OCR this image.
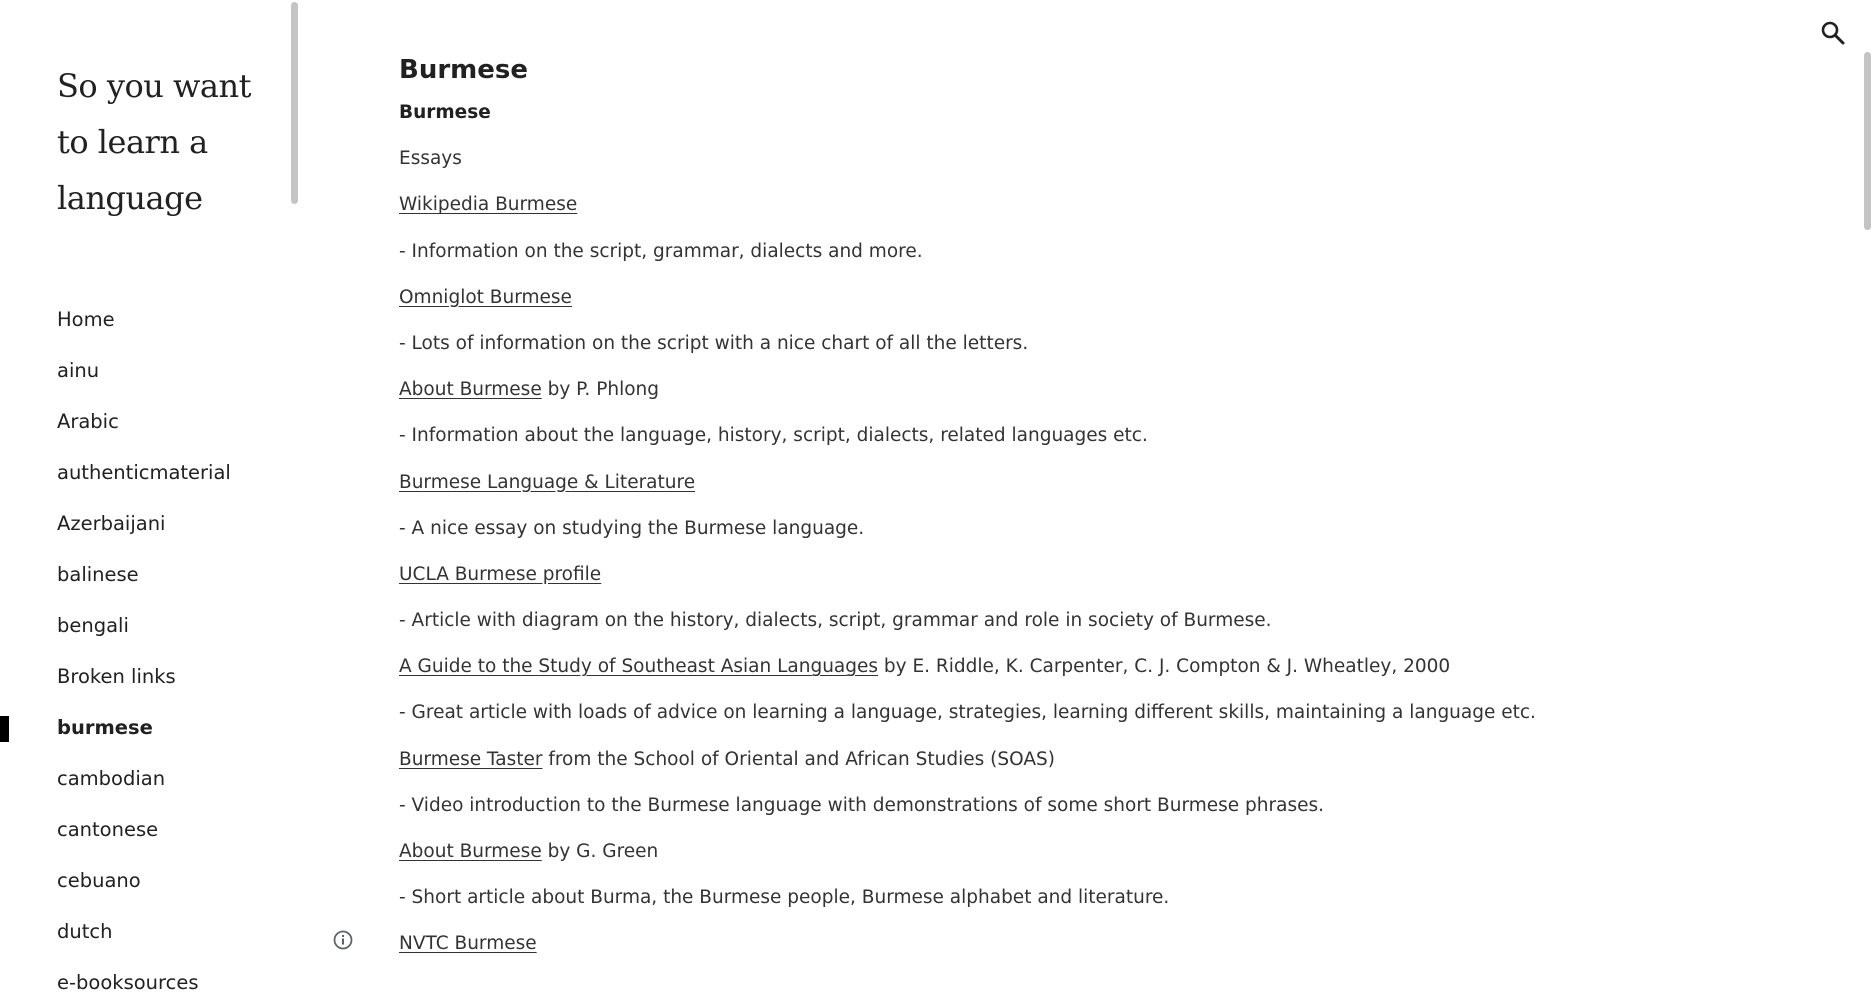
So you want to learn a language
Home
ainu
Arabic
authenticmaterial
Azerbaijani
balinese
bengali
Broken links
burmese
cambodian
cantonese
cebuano
dutch
e-booksources
Burmese

Burmese

Essays

Wikipedia Burmese

- Information on the script, grammar, dialects and more.

Omniglot Burmese

- Lots of information on the script with a nice chart of all the letters.

About Burmese by P. Phlong

- Information about the language, history, script, dialects, related languages etc.

Burmese Language & Literature

- A nice essay on studying the Burmese language.

UCLA Burmese profile

- Article with diagram on the history, dialects, script, grammar and role in society of Burmese.

A Guide to the Study of Southeast Asian Languages by E. Riddle, K. Carpenter, C. J. Compton & J. Wheatley, 2000

- Great article with loads of advice on learning a language, strategies, learning different skills, maintaining a language etc.

Burmese Taster from the School of Oriental and African Studies (SOAS)

- Video introduction to the Burmese language with demonstrations of some short Burmese phrases.

About Burmese by G. Green

- Short article about Burma, the Burmese people, Burmese alphabet and literature.

NVTC Burmese
